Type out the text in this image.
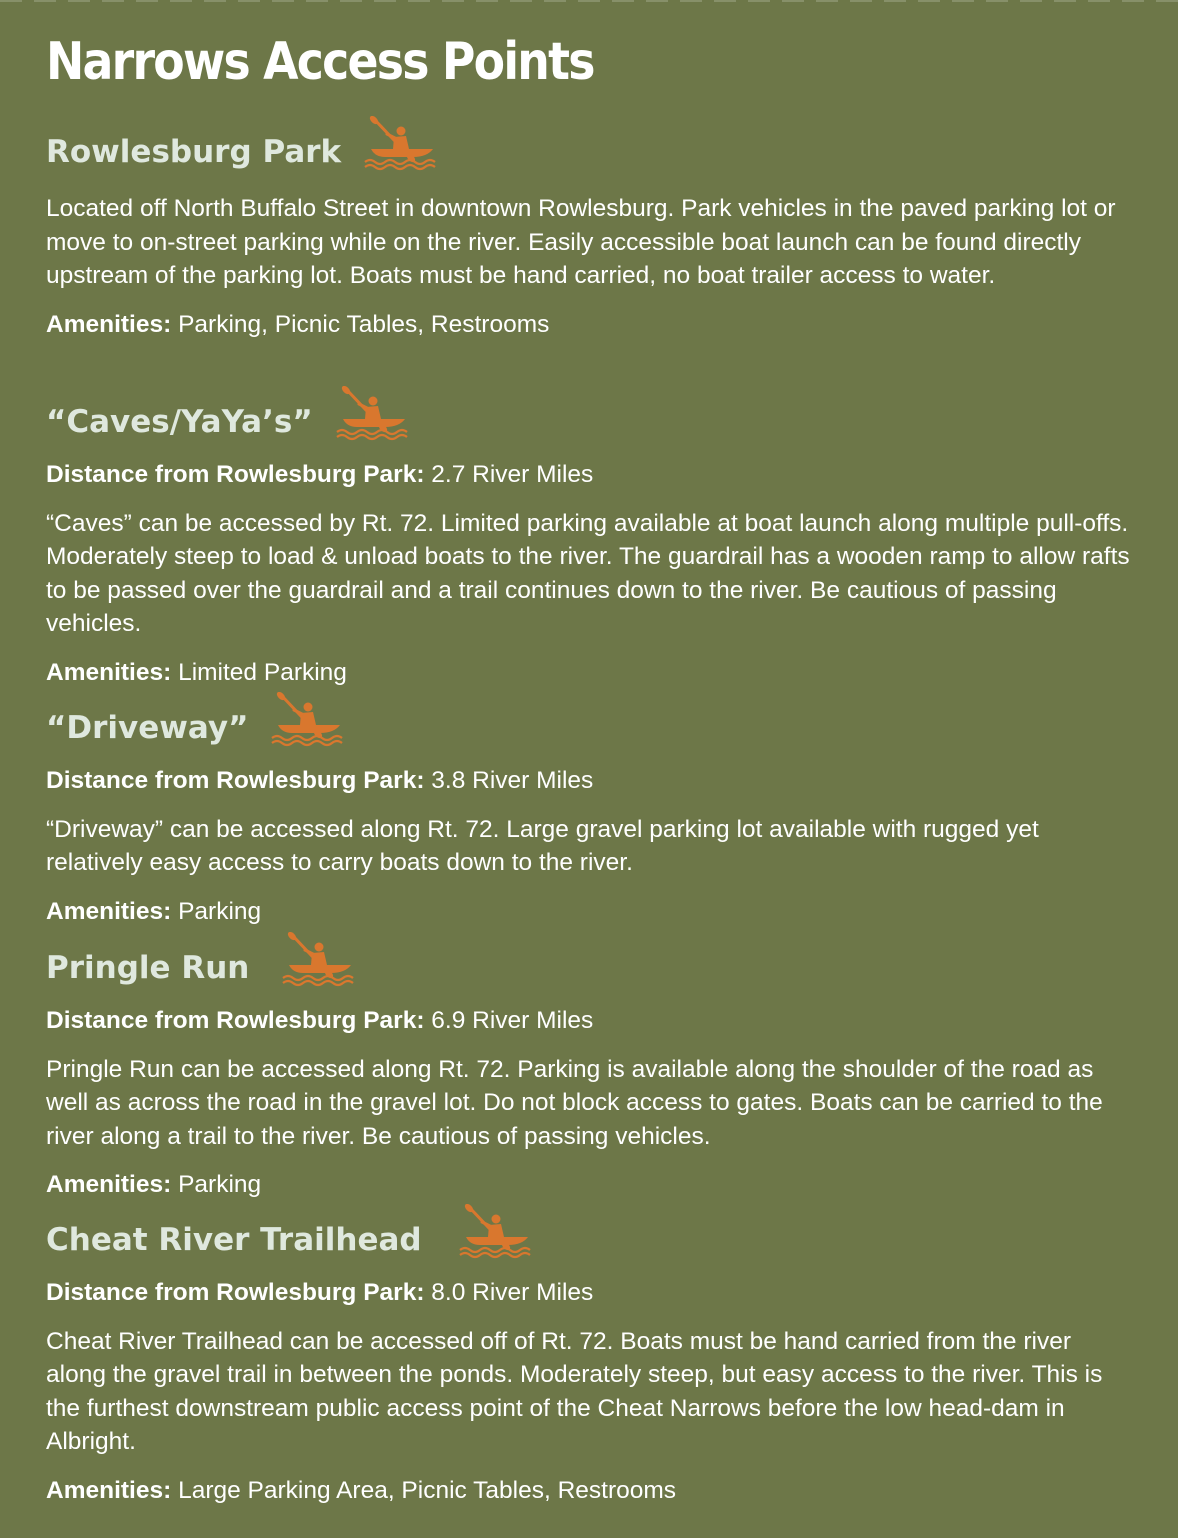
Narrows Access Points
Rowlesburg Park

Located off North Buffalo Street in downtown Rowlesburg. Park vehicles in the paved parking lot or move to on-street parking while on the river. Easily accessible boat launch can be found directly upstream of the parking lot. Boats must be hand carried, no boat trailer access to water.

Amenities: Parking, Picnic Tables, Restrooms

“Caves/YaYa’s”

Distance from Rowlesburg Park: 2.7 River Miles

“Caves” can be accessed by Rt. 72. Limited parking available at boat launch along multiple pull-offs. Moderately steep to load & unload boats to the river. The guardrail has a wooden ramp to allow rafts to be passed over the guardrail and a trail continues down to the river. Be cautious of passing vehicles.

Amenities: Limited Parking

“Driveway”

Distance from Rowlesburg Park: 3.8 River Miles

“Driveway” can be accessed along Rt. 72. Large gravel parking lot available with rugged yet relatively easy access to carry boats down to the river.

Amenities: Parking

Pringle Run

Distance from Rowlesburg Park: 6.9 River Miles

Pringle Run can be accessed along Rt. 72. Parking is available along the shoulder of the road as well as across the road in the gravel lot. Do not block access to gates. Boats can be carried to the river along a trail to the river. Be cautious of passing vehicles.

Amenities: Parking

Cheat River Trailhead

Distance from Rowlesburg Park: 8.0 River Miles

Cheat River Trailhead can be accessed off of Rt. 72. Boats must be hand carried from the river along the gravel trail in between the ponds. Moderately steep, but easy access to the river. This is the furthest downstream public access point of the Cheat Narrows before the low head-dam in Albright.

Amenities: Large Parking Area, Picnic Tables, Restrooms
